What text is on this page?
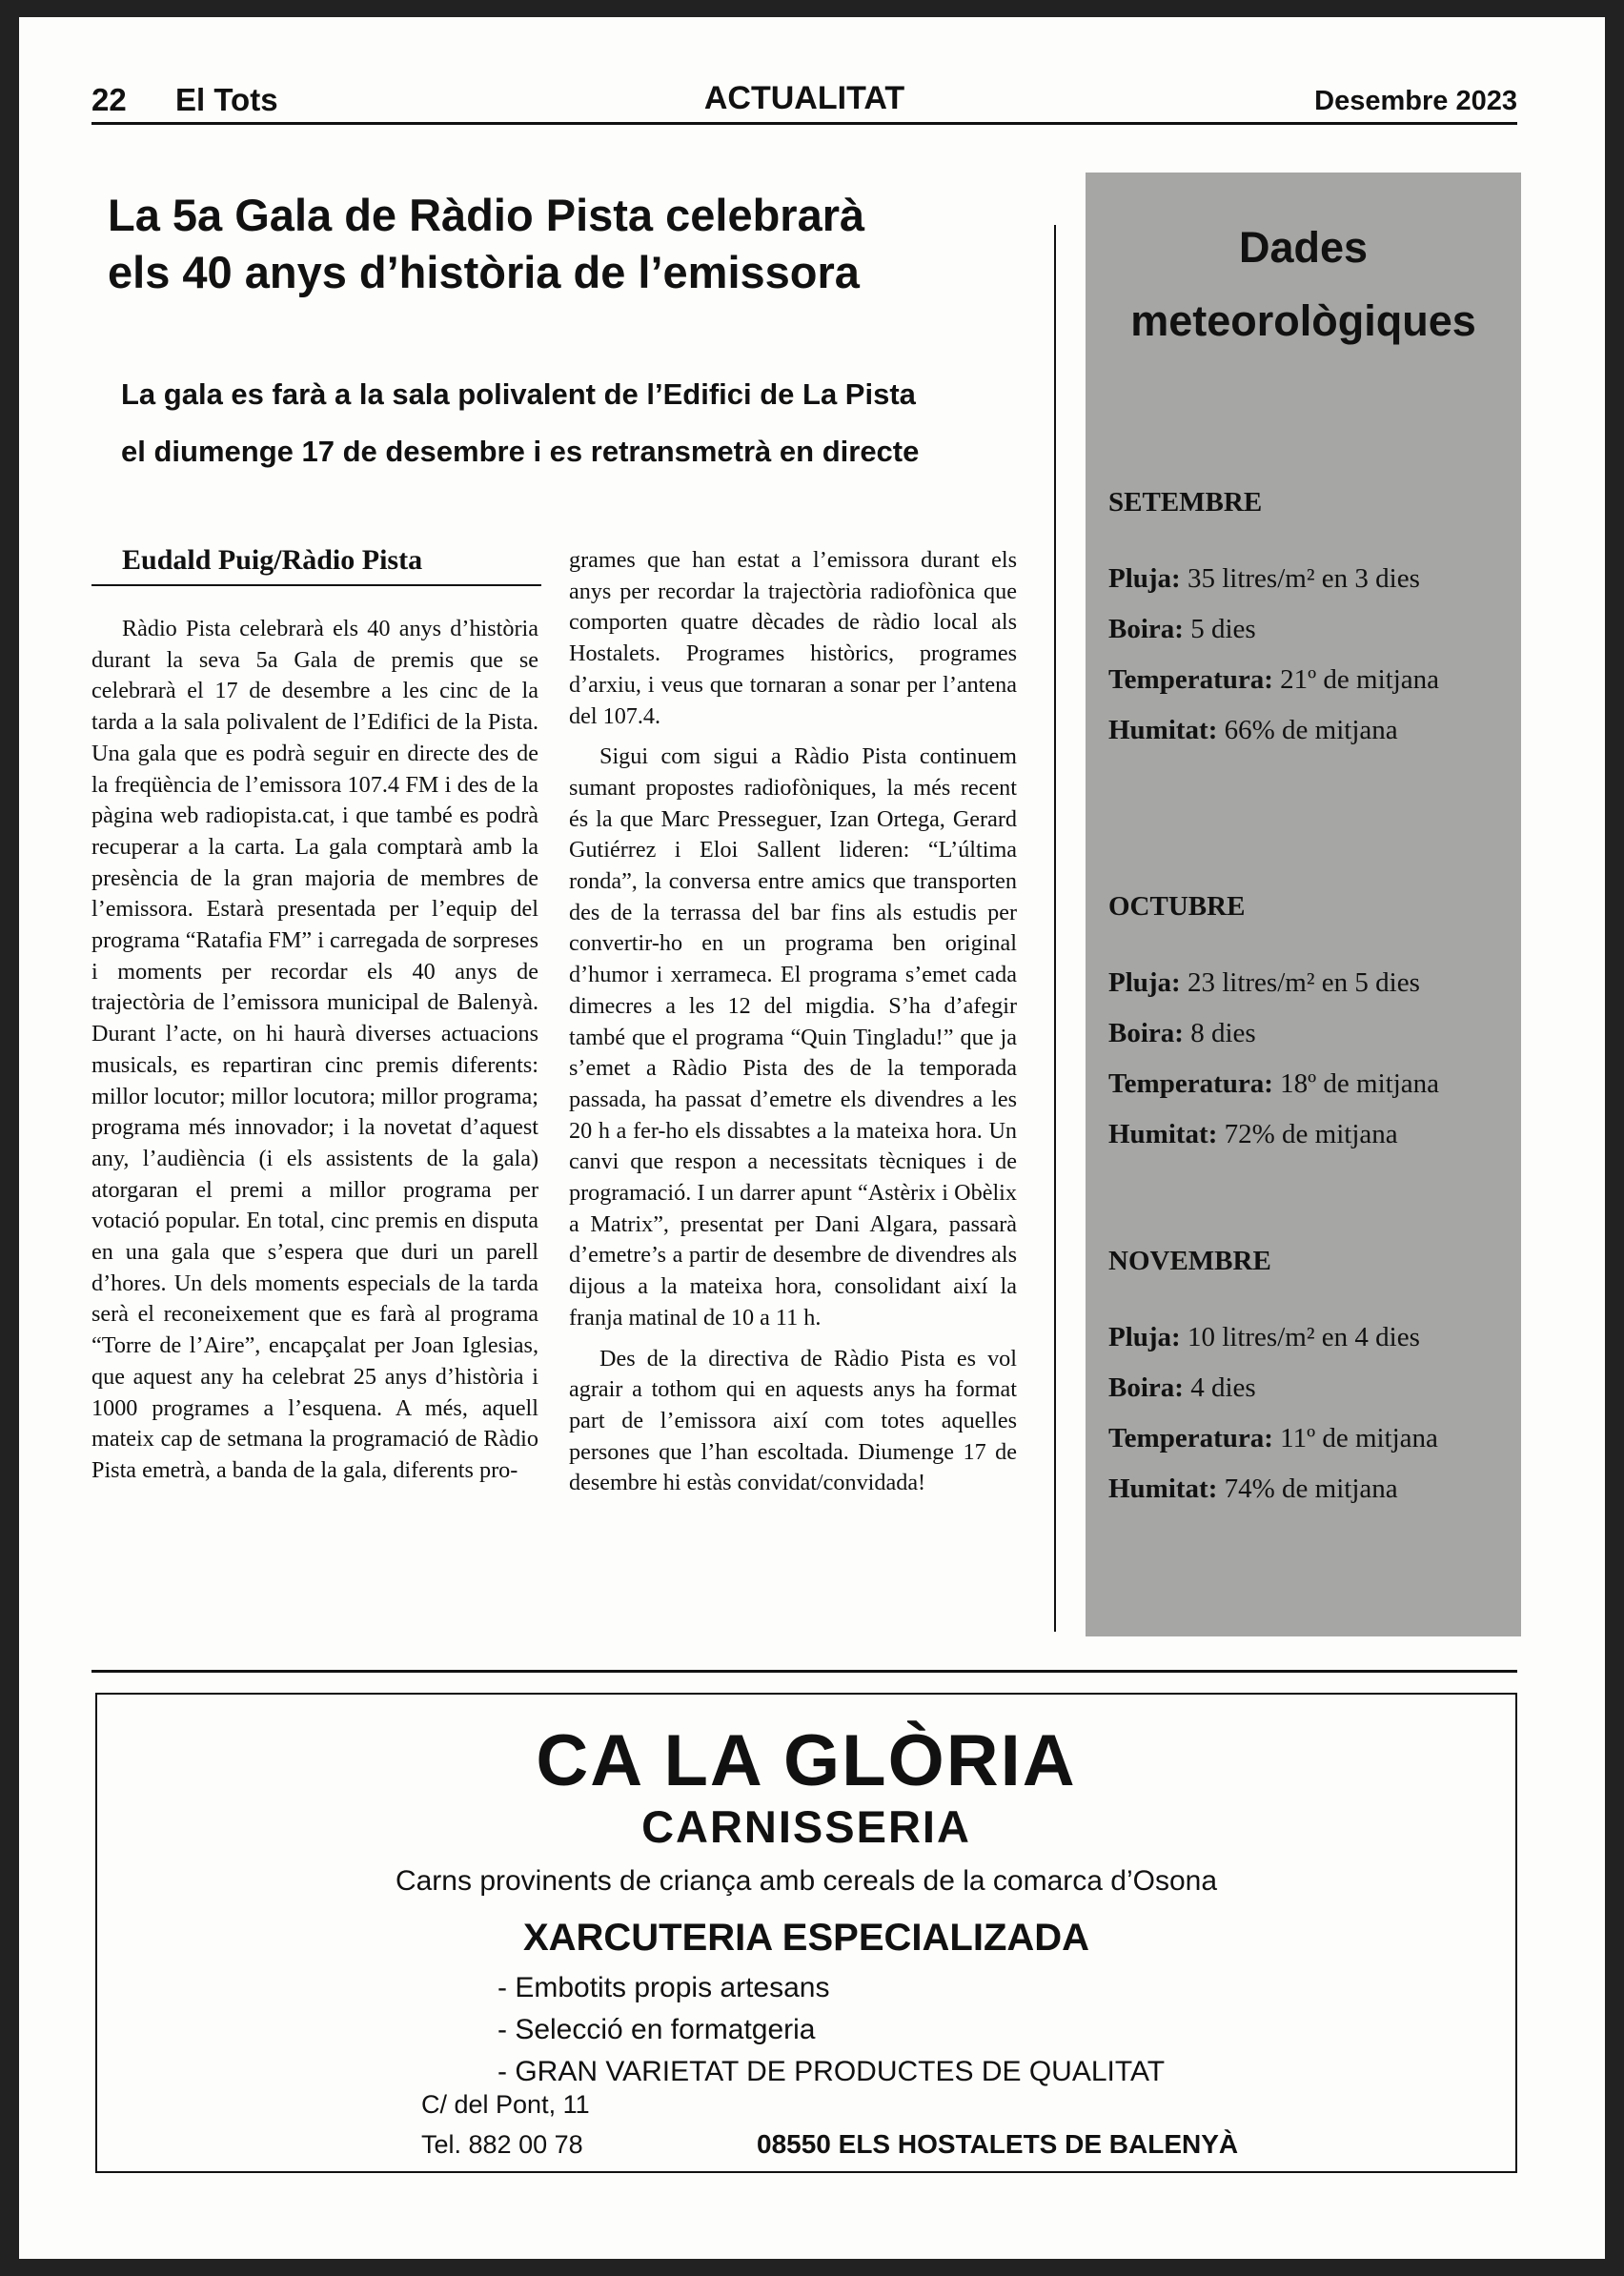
22 El Tots	ACTUALITAT	Desembre 2023
La 5a Gala de Ràdio Pista celebrarà
els 40 anys d’història de l’emissora
La gala es farà a la sala polivalent de l’Edifici de La Pista
el diumenge 17 de desembre i es retransmetrà en directe
Eudald Puig/Ràdio Pista

Ràdio Pista celebrarà els 40 anys d’història durant la seva 5a Gala de premis que se celebrarà el 17 de desembre a les cinc de la tarda a la sala polivalent de l’Edifici de la Pista. Una gala que es podrà seguir en directe des de la freqüència de l’emissora 107.4 FM i des de la pàgina web radiopista.cat, i que també es podrà recuperar a la carta. La gala comptarà amb la presència de la gran majoria de membres de l’emissora. Estarà presentada per l’equip del programa “Ratafia FM” i carregada de sorpreses i moments per recordar els 40 anys de trajectòria de l’emissora municipal de Balenyà. Durant l’acte, on hi haurà diverses actuacions musicals, es repartiran cinc premis diferents: millor locutor; millor locutora; millor programa; programa més innovador; i la novetat d’aquest any, l’audiència (i els assistents de la gala) atorgaran el premi a millor programa per votació popular. En total, cinc premis en disputa en una gala que s’espera que duri un parell d’hores. Un dels moments especials de la tarda serà el reconeixement que es farà al programa “Torre de l’Aire”, encapçalat per Joan Iglesias, que aquest any ha celebrat 25 anys d’història i 1000 programes a l’esquena. A més, aquell mateix cap de setmana la programació de Ràdio Pista emetrà, a banda de la gala, diferents pro-

grames que han estat a l’emissora durant els anys per recordar la trajectòria radiofònica que comporten quatre dècades de ràdio local als Hostalets. Programes històrics, programes d’arxiu, i veus que tornaran a sonar per l’antena del 107.4.

Sigui com sigui a Ràdio Pista continuem sumant propostes radiofòniques, la més recent és la que Marc Presseguer, Izan Ortega, Gerard Gutiérrez i Eloi Sallent lideren: “L’última ronda”, la conversa entre amics que transporten des de la terrassa del bar fins als estudis per convertir-ho en un programa ben original d’humor i xerrameca. El programa s’emet cada dimecres a les 12 del migdia. S’ha d’afegir també que el programa “Quin Tingladu!” que ja s’emet a Ràdio Pista des de la temporada passada, ha passat d’emetre els divendres a les 20 h a fer-ho els dissabtes a la mateixa hora. Un canvi que respon a necessitats tècniques i de programació. I un darrer apunt “Astèrix i Obèlix a Matrix”, presentat per Dani Algara, passarà d’emetre’s a partir de desembre de divendres als dijous a la mateixa hora, consolidant així la franja matinal de 10 a 11 h.

Des de la directiva de Ràdio Pista es vol agrair a tothom qui en aquests anys ha format part de l’emissora així com totes aquelles persones que l’han escoltada. Diumenge 17 de desembre hi estàs convidat/convidada!

Dades
meteorològiques
SETEMBRE
Pluja: 35 litres/m² en 3 dies
Boira: 5 dies
Temperatura: 21º de mitjana
Humitat: 66% de mitjana
OCTUBRE
Pluja: 23 litres/m² en 5 dies
Boira: 8 dies
Temperatura: 18º de mitjana
Humitat: 72% de mitjana
NOVEMBRE
Pluja: 10 litres/m² en 4 dies
Boira: 4 dies
Temperatura: 11º de mitjana
Humitat: 74% de mitjana
CA LA GLÒRIA
CARNISSERIA
Carns provinents de criança amb cereals de la comarca d’Osona
XARCUTERIA ESPECIALIZADA
- Embotits propis artesans
- Selecció en formatgeria
- GRAN VARIETAT DE PRODUCTES DE QUALITAT
C/ del Pont, 11
Tel. 882 00 78	08550 ELS HOSTALETS DE BALENYÀ
